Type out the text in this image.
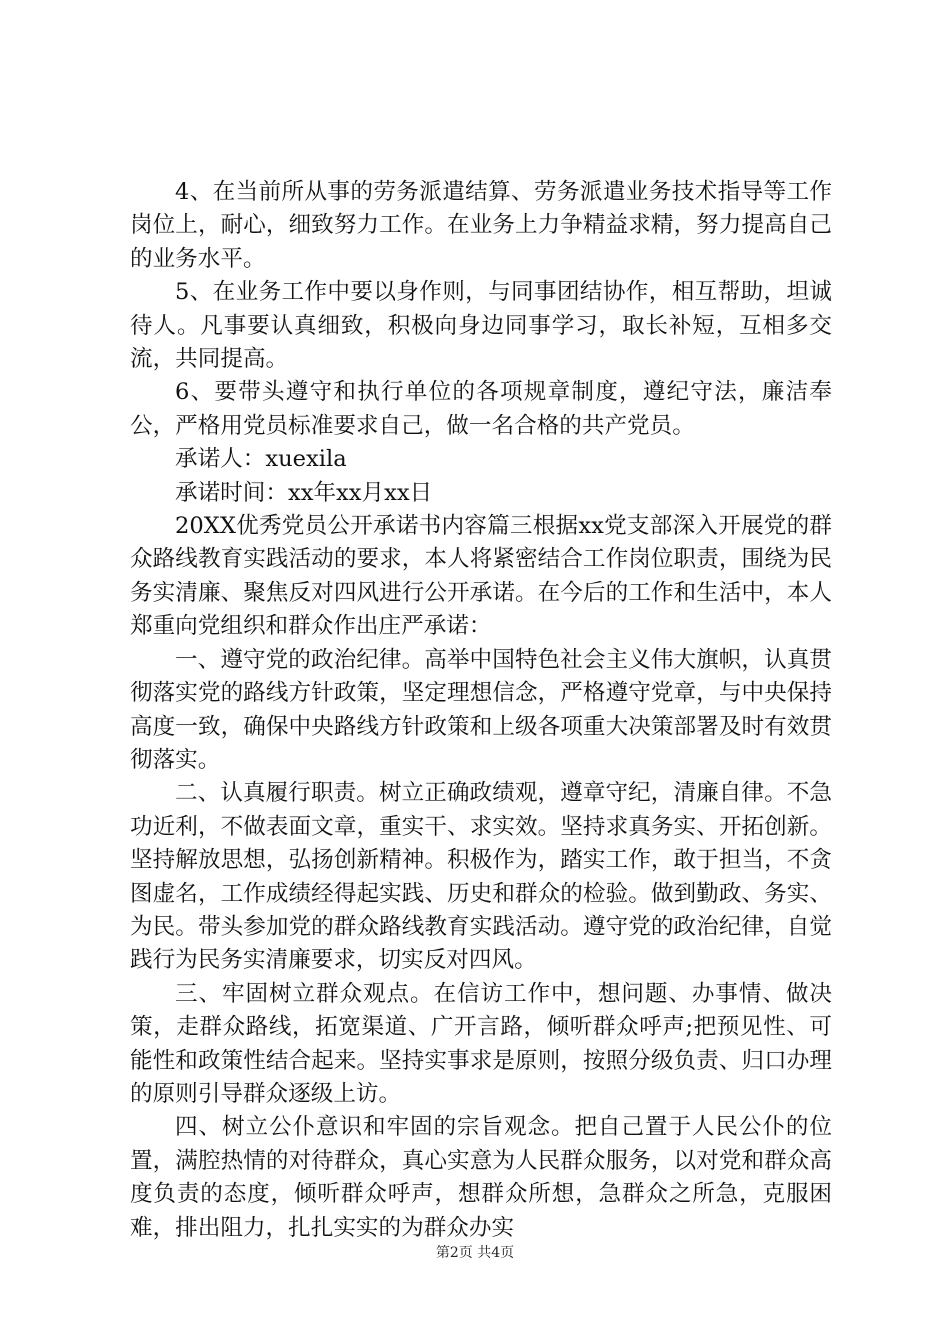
4、在当前所从事的劳务派遣结算、劳务派遣业务技术指导等工作岗位上，耐心，细致努力工作。在业务上力争精益求精，努力提高自己的业务水平。

5、在业务工作中要以身作则，与同事团结协作，相互帮助，坦诚待人。凡事要认真细致，积极向身边同事学习，取长补短，互相多交流，共同提高。

6、要带头遵守和执行单位的各项规章制度，遵纪守法，廉洁奉公，严格用党员标准要求自己，做一名合格的共产党员。

承诺人：xuexila

承诺时间：xx年xx月xx日

20XX优秀党员公开承诺书内容篇三根据xx党支部深入开展党的群众路线教育实践活动的要求，本人将紧密结合工作岗位职责，围绕为民务实清廉、聚焦反对四风进行公开承诺。在今后的工作和生活中，本人郑重向党组织和群众作出庄严承诺：

一、遵守党的政治纪律。高举中国特色社会主义伟大旗帜，认真贯彻落实党的路线方针政策，坚定理想信念，严格遵守党章，与中央保持高度一致，确保中央路线方针政策和上级各项重大决策部署及时有效贯彻落实。

二、认真履行职责。树立正确政绩观，遵章守纪，清廉自律。不急功近利，不做表面文章，重实干、求实效。坚持求真务实、开拓创新。坚持解放思想，弘扬创新精神。积极作为，踏实工作，敢于担当，不贪图虚名，工作成绩经得起实践、历史和群众的检验。做到勤政、务实、为民。带头参加党的群众路线教育实践活动。遵守党的政治纪律，自觉践行为民务实清廉要求，切实反对四风。

三、牢固树立群众观点。在信访工作中，想问题、办事情、做决策，走群众路线，拓宽渠道、广开言路，倾听群众呼声;把预见性、可能性和政策性结合起来。坚持实事求是原则，按照分级负责、归口办理的原则引导群众逐级上访。

四、树立公仆意识和牢固的宗旨观念。把自己置于人民公仆的位置，满腔热情的对待群众，真心实意为人民群众服务，以对党和群众高度负责的态度，倾听群众呼声，想群众所想，急群众之所急，克服困难，排出阻力，扎扎实实的为群众办实

第2页 共4页
